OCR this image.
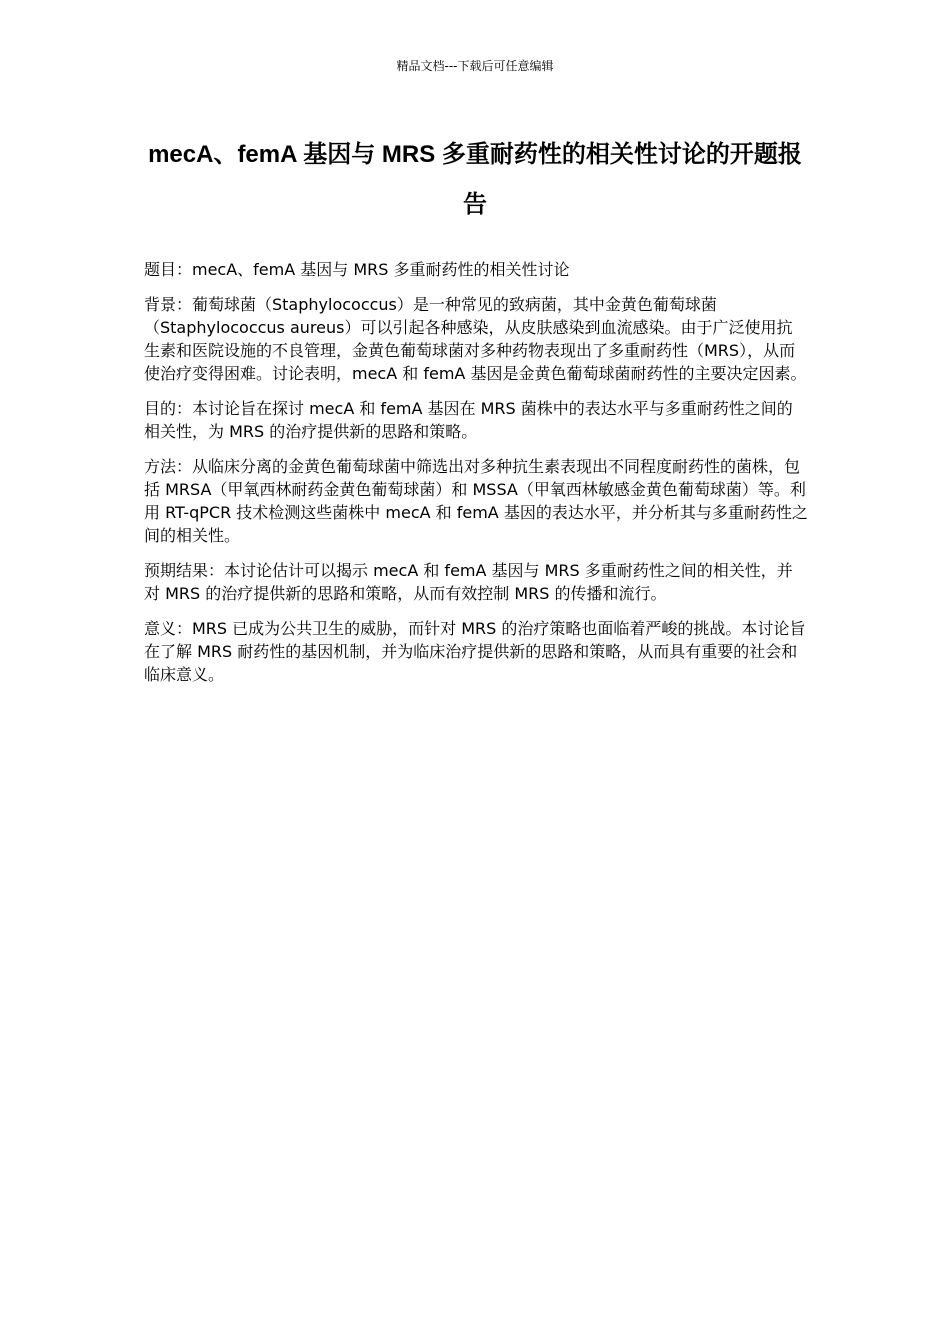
精品文档---下载后可任意编辑
mecA、femA 基因与 MRS 多重耐药性的相关性讨论的开题报告

题目：mecA、femA 基因与 MRS 多重耐药性的相关性讨论

背景：葡萄球菌（Staphylococcus）是一种常见的致病菌，其中金黄色葡萄球菌（Staphylococcus aureus）可以引起各种感染，从皮肤感染到血流感染。由于广泛使用抗生素和医院设施的不良管理，金黄色葡萄球菌对多种药物表现出了多重耐药性（MRS），从而使治疗变得困难。讨论表明，mecA 和 femA 基因是金黄色葡萄球菌耐药性的主要决定因素。

目的：本讨论旨在探讨 mecA 和 femA 基因在 MRS 菌株中的表达水平与多重耐药性之间的相关性，为 MRS 的治疗提供新的思路和策略。

方法：从临床分离的金黄色葡萄球菌中筛选出对多种抗生素表现出不同程度耐药性的菌株，包括 MRSA（甲氧西林耐药金黄色葡萄球菌）和 MSSA（甲氧西林敏感金黄色葡萄球菌）等。利用 RT-qPCR 技术检测这些菌株中 mecA 和 femA 基因的表达水平，并分析其与多重耐药性之间的相关性。

预期结果：本讨论估计可以揭示 mecA 和 femA 基因与 MRS 多重耐药性之间的相关性，并对 MRS 的治疗提供新的思路和策略，从而有效控制 MRS 的传播和流行。

意义：MRS 已成为公共卫生的威胁，而针对 MRS 的治疗策略也面临着严峻的挑战。本讨论旨在了解 MRS 耐药性的基因机制，并为临床治疗提供新的思路和策略，从而具有重要的社会和临床意义。
